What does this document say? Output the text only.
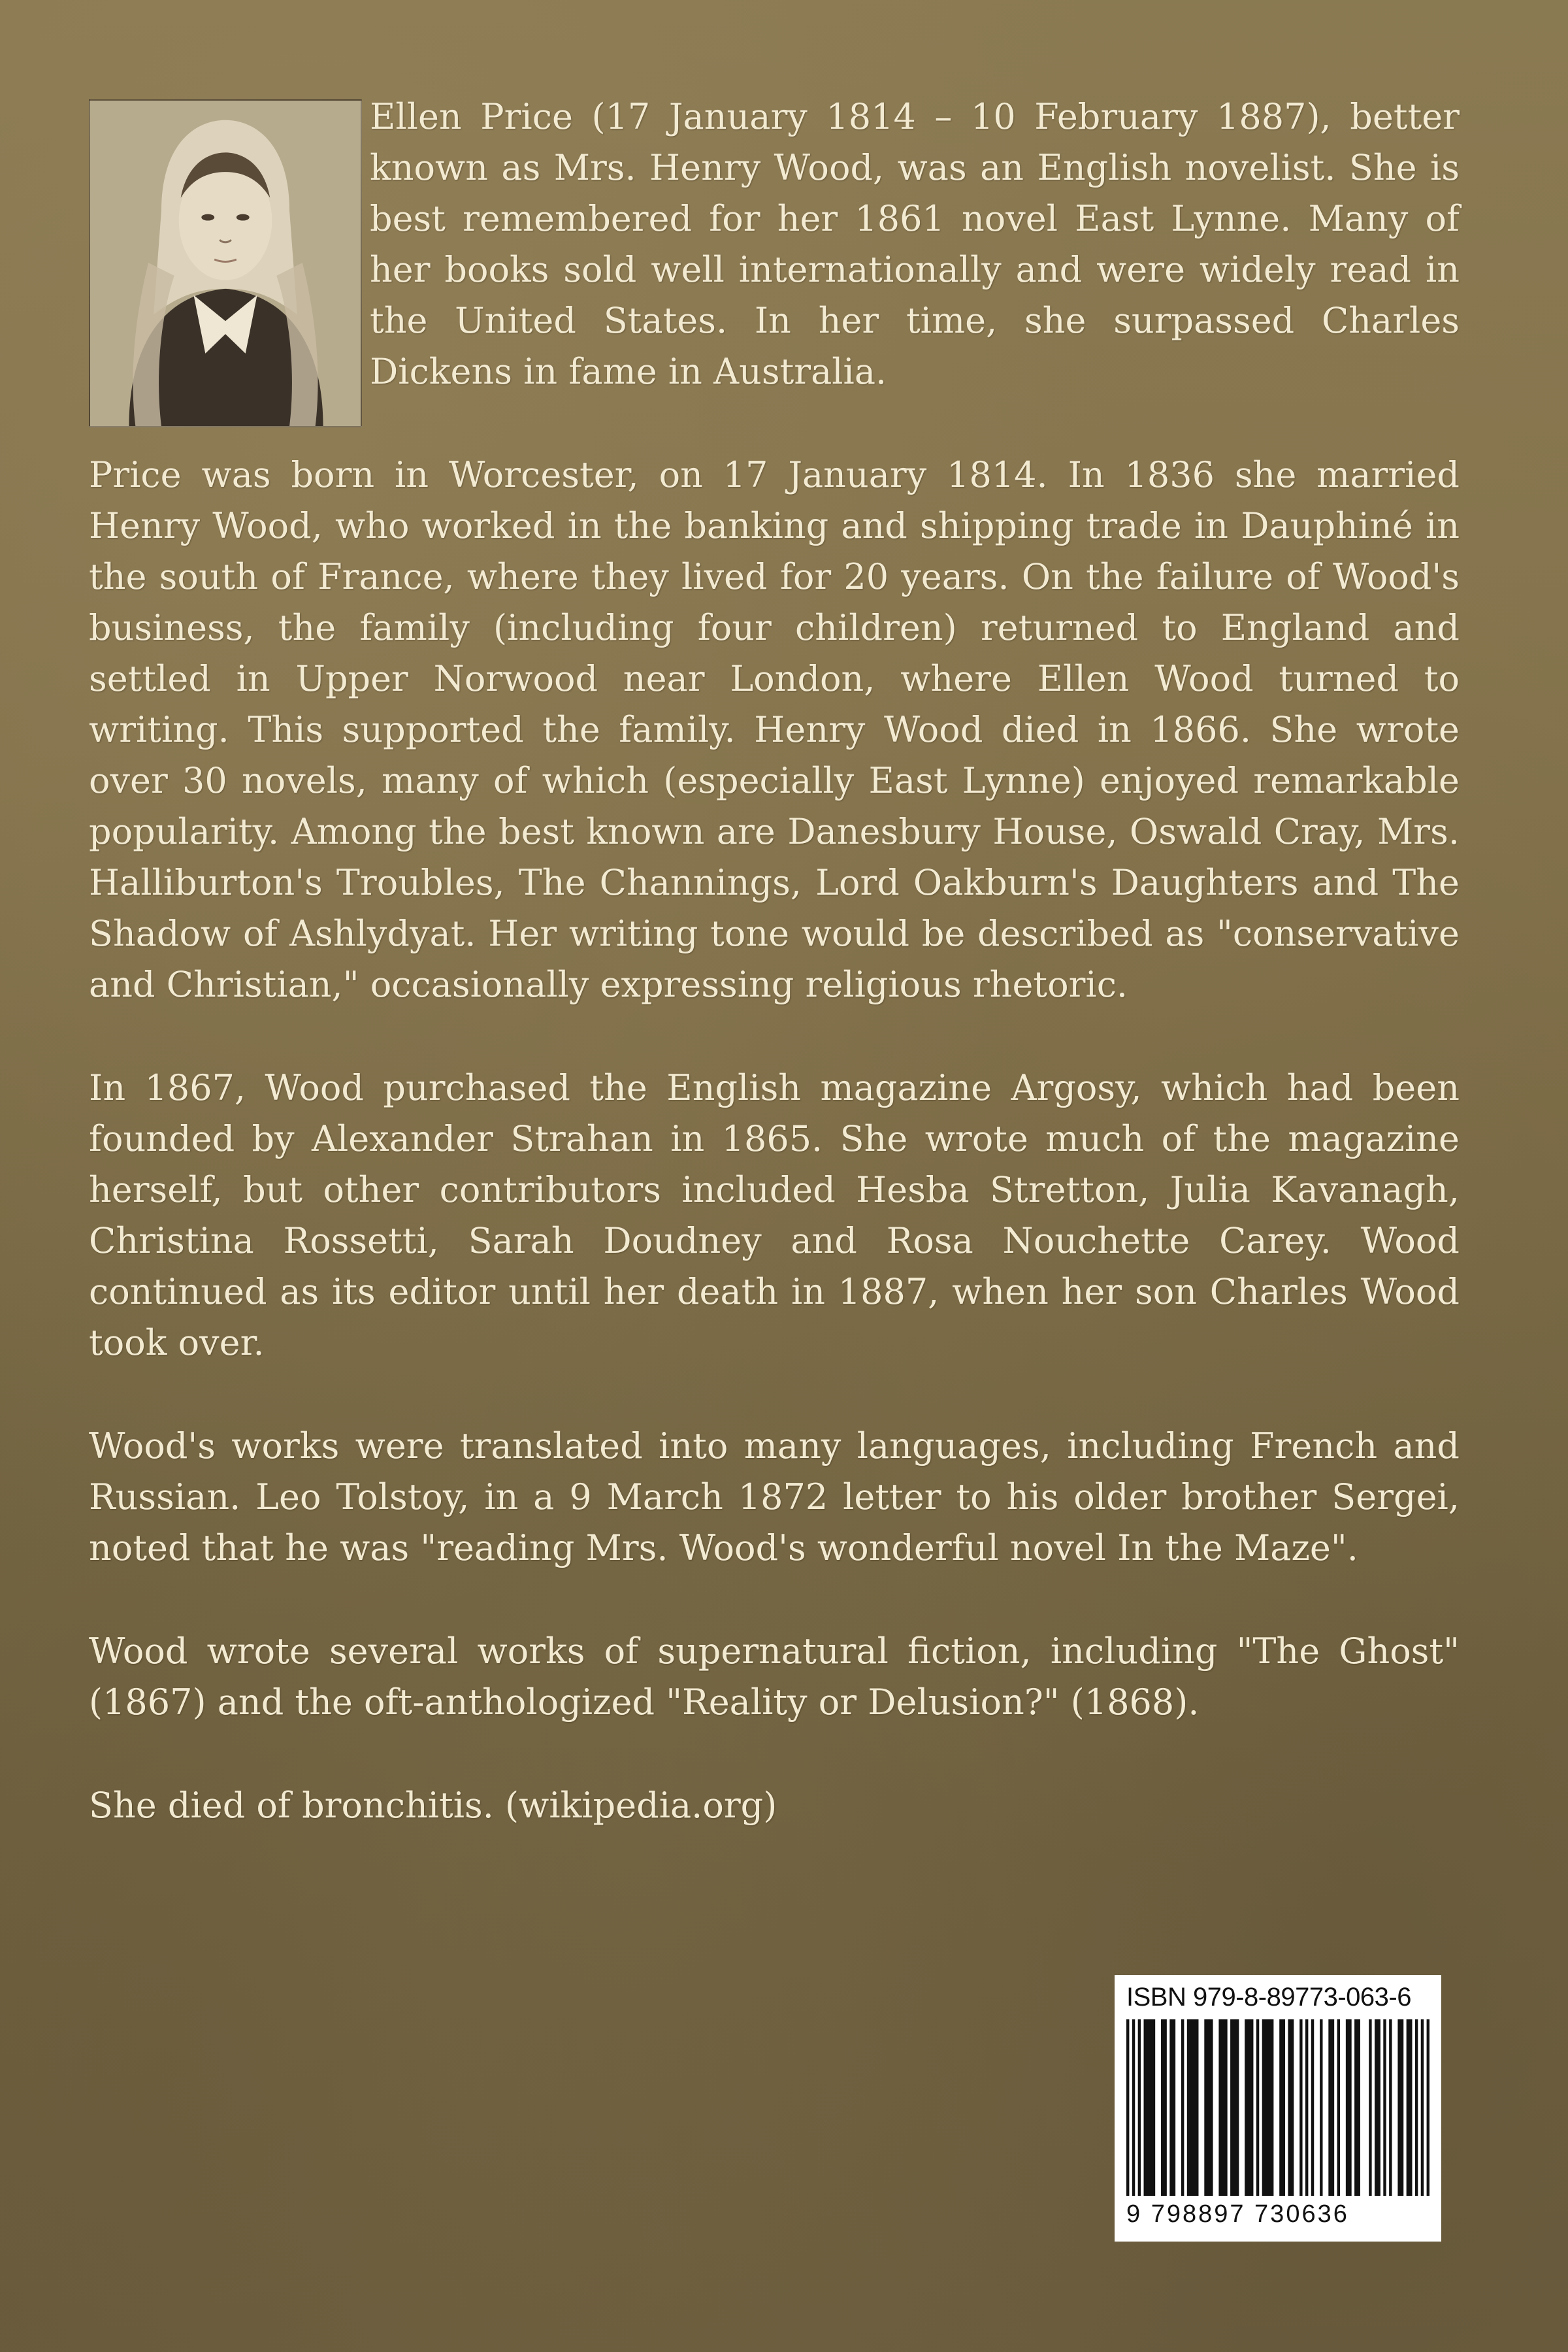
Ellen Price (17 January 1814 – 10 February 1887), better known as Mrs. Henry Wood, was an English novelist. She is best remembered for her 1861 novel East Lynne. Many of her books sold well internationally and were widely read in the United States. In her time, she surpassed Charles Dickens in fame in Australia.

Price was born in Worcester, on 17 January 1814. In 1836 she married Henry Wood, who worked in the banking and shipping trade in Dauphiné in the south of France, where they lived for 20 years. On the failure of Wood's business, the family (including four children) returned to England and settled in Upper Norwood near London, where Ellen Wood turned to writing. This supported the family. Henry Wood died in 1866. She wrote over 30 novels, many of which (especially East Lynne) enjoyed remarkable popularity. Among the best known are Danesbury House, Oswald Cray, Mrs. Halliburton's Troubles, The Channings, Lord Oakburn's Daughters and The Shadow of Ashlydyat. Her writing tone would be described as "conservative and Christian," occasionally expressing religious rhetoric.

In 1867, Wood purchased the English magazine Argosy, which had been founded by Alexander Strahan in 1865. She wrote much of the magazine herself, but other contributors included Hesba Stretton, Julia Kavanagh, Christina Rossetti, Sarah Doudney and Rosa Nouchette Carey. Wood continued as its editor until her death in 1887, when her son Charles Wood took over.

Wood's works were translated into many languages, including French and Russian. Leo Tolstoy, in a 9 March 1872 letter to his older brother Sergei, noted that he was "reading Mrs. Wood's wonderful novel In the Maze".

Wood wrote several works of supernatural fiction, including "The Ghost" (1867) and the oft-anthologized "Reality or Delusion?" (1868).

She died of bronchitis. (wikipedia.org)

ISBN 979-8-89773-063-6
9 798897 730636
